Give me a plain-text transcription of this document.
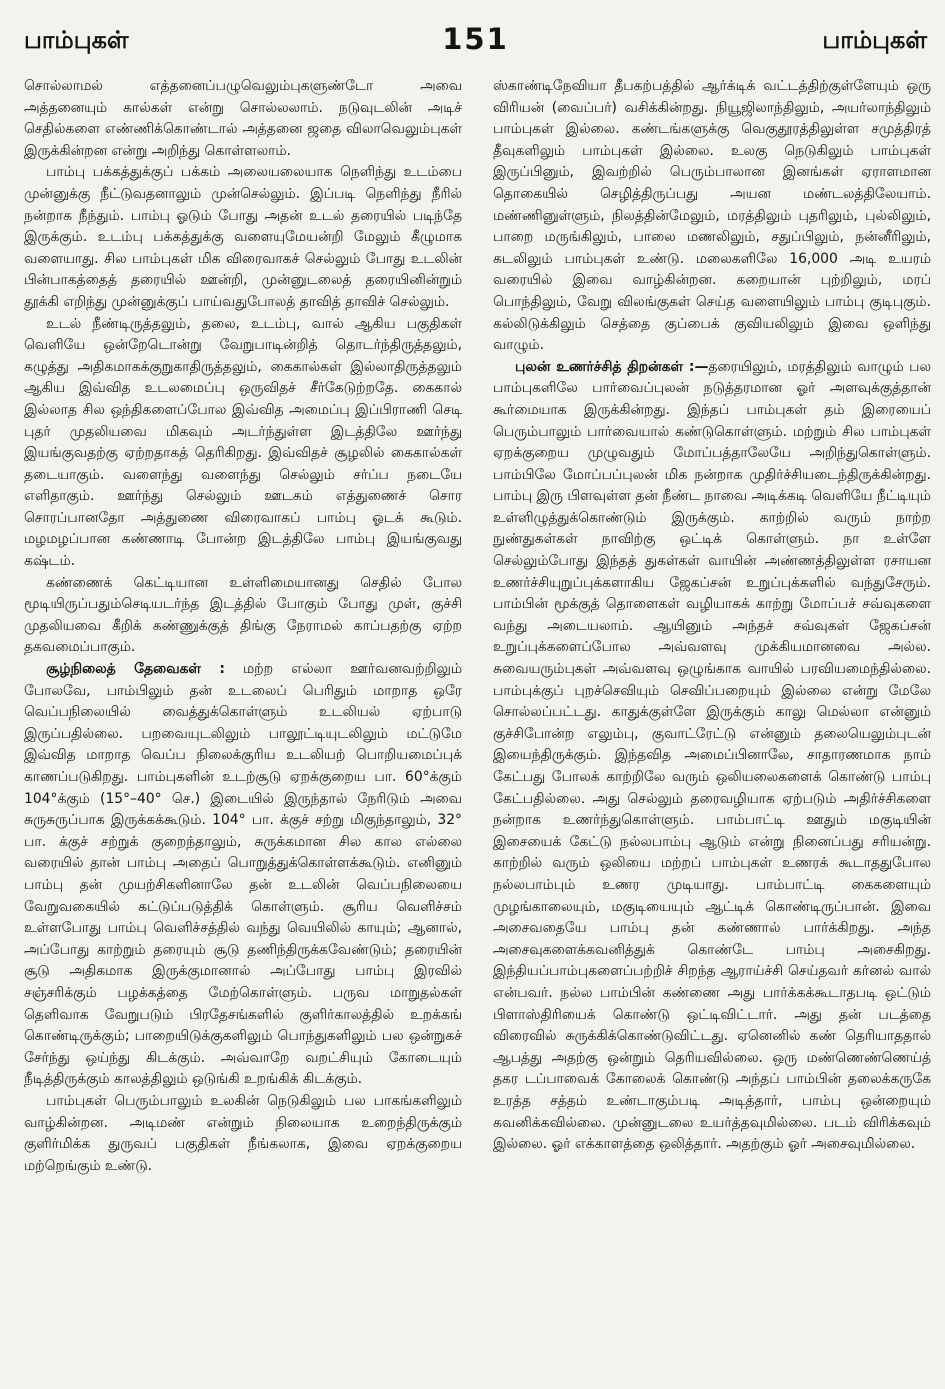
பாம்புகள்	151	பாம்புகள்

சொல்லாமல் எத்தனைப்பழுவெலும்புகளுண்டோ அவை அத்தனையும் கால்கள் என்று சொல்லலாம். நடுவுடலின் அடிச் செதில்களை எண்ணிக்கொண்டால் அத்தனை ஜதை விலாவெலும்புகள் இருக்கின்றன என்று அறிந்து கொள்ளலாம்.

பாம்பு பக்கத்துக்குப் பக்கம் அலையலையாக நெளிந்து உடம்பை முன்னுக்கு நீட்டுவதனாலும் முன்செல்லும். இப்படி நெளிந்து நீரில் நன்றாக நீந்தும். பாம்பு ஓடும் போது அதன் உடல் தரையில் படிந்தே இருக்கும். உடம்பு பக்கத்துக்கு வளையுமேயன்றி மேலும் கீழுமாக வளையாது. சில பாம்புகள் மிக விரைவாகச் செல்லும் போது உடலின் பின்பாகத்தைத் தரையில் ஊன்றி, முன்னுடலைத் தரையினின்றும் தூக்கி எறிந்து முன்னுக்குப் பாய்வதுபோலத் தாவித் தாவிச் செல்லும்.

உடல் நீண்டிருத்தலும், தலை, உடம்பு, வால் ஆகிய பகுதிகள் வெளியே ஒன்றேடொன்று வேறுபாடின்றித் தொடர்ந்திருத்தலும், கழுத்து அதிகமாகக்குறுகாதிருத்தலும், கைகால்கள் இல்லாதிருத்தலும் ஆகிய இவ்வித உடலமைப்பு ஒருவிதச் சீர்கேடுற்றதே. கைகால் இல்லாத சில ஒந்திகளைப்போல இவ்வித அமைப்பு இப்பிராணி செடி புதர் முதலியவை மிகவும் அடர்ந்துள்ள இடத்திலே ஊர்ந்து இயங்குவதற்கு ஏற்றதாகத் தெரிகிறது. இவ்விதச் சூழலில் கைகால்கள் தடையாகும். வளைந்து வளைந்து செல்லும் சர்ப்ப நடையே எளிதாகும். ஊர்ந்து செல்லும் ஊடகம் எத்துணைச் சொர சொரப்பானதோ அத்துணை விரைவாகப் பாம்பு ஓடக் கூடும். மழமழப்பான கண்ணாடி போன்ற இடத்திலே பாம்பு இயங்குவது கஷ்டம்.

கண்ணைக் கெட்டியான உள்ளிமையானது செதில் போல மூடியிருப்பதும்செடியடர்ந்த இடத்தில் போகும் போது முள், குச்சி முதலியவை கீறிக் கண்ணுக்குத் திங்கு நேராமல் காப்பதற்கு ஏற்ற தகவமைப்பாகும்.

சூழ்நிலைத் தேவைகள் : மற்ற எல்லா ஊர்வனவற்றிலும் போலவே, பாம்பிலும் தன் உடலைப் பெரிதும் மாறாத ஒரே வெப்பநிலையில் வைத்துக்கொள்ளும் உடலியல் ஏற்பாடு இருப்பதில்லை. பறவையுடலிலும் பாலூட்டியுடலிலும் மட்டுமே இவ்வித மாறாத வெப்ப நிலைக்குரிய உடலியற் பொறியமைப்புக் காணப்படுகிறது. பாம்புகளின் உடற்சூடு ஏறக்குறைய பா. 60°க்கும் 104°க்கும் (15°–40° செ.) இடையில் இருந்தால் நேரிடும் அவை சுருசுருப்பாக இருக்கக்கூடும். 104° பா. க்குச் சற்று மிகுந்தாலும், 32° பா. க்குச் சற்றுக் குறைந்தாலும், சுருக்கமான சில கால எல்லை வரையில் தான் பாம்பு அதைப் பொறுத்துக்கொள்ளக்கூடும். எனினும் பாம்பு தன் முயற்சிகளினாலே தன் உடலின் வெப்பநிலையை வேறுவகையில் கட்டுப்படுத்திக் கொள்ளும். சூரிய வெளிச்சம் உள்ளபோது பாம்பு வெளிச்சத்தில் வந்து வெயிலில் காயும்; ஆனால், அப்போது காற்றும் தரையும் சூடு தணிந்திருக்கவேண்டும்; தரையின் சூடு அதிகமாக இருக்குமானால் அப்போது பாம்பு இரவில் சஞ்சரிக்கும் பழக்கத்தை மேற்கொள்ளும். பருவ மாறுதல்கள் தெளிவாக வேறுபடும் பிரதேசங்களில் குளிர்காலத்தில் உறக்கங் கொண்டிருக்கும்; பாறையிடுக்குகளிலும் பொந்துகளிலும் பல ஒன்றுகச் சேர்ந்து ஒய்ந்து கிடக்கும். அவ்வாறே வறட்சியும் கோடையும் நீடித்திருக்கும் காலத்திலும் ஒடுங்கி உறங்கிக் கிடக்கும்.

பாம்புகள் பெரும்பாலும் உலகின் நெடுகிலும் பல பாகங்களிலும் வாழ்கின்றன. அடிமண் என்றும் நிலையாக உறைந்திருக்கும் குளிர்மிக்க துருவப் பகுதிகள் நீங்கலாக, இவை ஏறக்குறைய மற்றெங்கும் உண்டு.

ஸ்காண்டிநேவியா தீபகற்பத்தில் ஆர்க்டிக் வட்டத்திற்குள்ளேயும் ஒரு விரியன் (வைப்பர்) வசிக்கின்றது. நியூஜிலாந்திலும், அயர்லாந்திலும் பாம்புகள் இல்லை. கண்டங்களுக்கு வெகுதூரத்திலுள்ள சமுத்திரத் தீவுகளிலும் பாம்புகள் இல்லை. உலகு நெடுகிலும் பாம்புகள் இருப்பினும், இவற்றில் பெரும்பாலான இனங்கள் ஏராளமான தொகையில் செழித்திருப்பது அயன மண்டலத்திலேயாம். மண்ணினுள்ளும், நிலத்தின்மேலும், மரத்திலும் புதரிலும், புல்லிலும், பாறை மருங்கிலும், பாலை மணலிலும், சதுப்பிலும், நன்னீரிலும், கடலிலும் பாம்புகள் உண்டு. மலைகளிலே 16,000 அடி உயரம் வரையில் இவை வாழ்கின்றன. கறையான் புற்றிலும், மரப் பொந்திலும், வேறு விலங்குகள் செய்த வளையிலும் பாம்பு குடிபுகும். கல்லிடுக்கிலும் செத்தை குப்பைக் குவியலிலும் இவை ஒளிந்து வாழும்.

புலன் உணர்ச்சித் திறன்கள் :—தரையிலும், மரத்திலும் வாழும் பல பாம்புகளிலே பார்வைப்புலன் நடுத்தரமான ஓர் அளவுக்குத்தான் கூர்மையாக இருக்கின்றது. இந்தப் பாம்புகள் தம் இரையைப் பெரும்பாலும் பார்வையால் கண்டுகொள்ளும். மற்றும் சில பாம்புகள் ஏறக்குறைய முழுவதும் மோப்பத்தாலேயே அறிந்துகொள்ளும். பாம்பிலே மோப்பப்புலன் மிக நன்றாக முதிர்ச்சியடைந்திருக்கின்றது. பாம்பு இரு பிளவுள்ள தன் நீண்ட நாவை அடிக்கடி வெளியே நீட்டியும் உள்ளிழுத்துக்கொண்டும் இருக்கும். காற்றில் வரும் நாற்ற நுண்துகள்கள் நாவிற்கு ஒட்டிக் கொள்ளும். நா உள்ளே செல்லும்போது இந்தத் துகள்கள் வாயின் அண்ணத்திலுள்ள ரசாயன உணர்ச்சியுறுப்புக்களாகிய ஜேகப்சன் உறுப்புக்களில் வந்துசேரும். பாம்பின் மூக்குத் தொளைகள் வழியாகக் காற்று மோப்பச் சவ்வுகளை வந்து அடையலாம். ஆயினும் அந்தச் சவ்வுகள் ஜேகப்சன் உறுப்புக்களைப்போல அவ்வளவு முக்கியமானவை அல்ல. சுவையரும்புகள் அவ்வளவு ஒழுங்காக வாயில் பரவியமைந்தில்லை. பாம்புக்குப் புறச்செவியும் செவிப்பறையும் இல்லை என்று மேலே சொல்லப்பட்டது. காதுக்குள்ளே இருக்கும் காலு மெல்லா என்னும் குச்சிபோன்ற எலும்பு, குவாட்ரேட்டு என்னும் தலையெலும்புடன் இயைந்திருக்கும். இந்தவித அமைப்பினாலே, சாதாரணமாக நாம் கேட்பது போலக் காற்றிலே வரும் ஒலியலைகளைக் கொண்டு பாம்பு கேட்பதில்லை. அது செல்லும் தரைவழியாக ஏற்படும் அதிர்ச்சிகளை நன்றாக உணர்ந்துகொள்ளும். பாம்பாட்டி ஊதும் மகுடியின் இசையைக் கேட்டு நல்லபாம்பு ஆடும் என்று நினைப்பது சரியன்று. காற்றில் வரும் ஒலியை மற்றப் பாம்புகள் உணரக் கூடாததுபோல நல்லபாம்பும் உணர முடியாது. பாம்பாட்டி கைகளையும் முழங்காலையும், மகுடியையும் ஆட்டிக் கொண்டிருப்பான். இவை அசைவதையே பாம்பு தன் கண்ணால் பார்க்கிறது. அந்த அசைவுகளைக்கவனித்துக் கொண்டே பாம்பு அசைகிறது. இந்தியப்பாம்புகளைப்பற்றிச் சிறந்த ஆராய்ச்சி செய்தவர் கர்னல் வால் என்பவர். நல்ல பாம்பின் கண்ணை அது பார்க்கக்கூடாதபடி ஒட்டும் பிளாஸ்திரியைக் கொண்டு ஒட்டிவிட்டார். அது தன் படத்தை விரைவில் சுருக்கிக்கொண்டுவிட்டது. ஏனெனில் கண் தெரியாததால் ஆபத்து அதற்கு ஒன்றும் தெரியவில்லை. ஒரு மண்ணெண்ணெய்த் தகர டப்பாவைக் கோலைக் கொண்டு அந்தப் பாம்பின் தலைக்கருகே உரத்த சத்தம் உண்டாகும்படி அடித்தார், பாம்பு ஒன்றையும் கவனிக்கவில்லை. முன்னுடலை உயர்த்தவுமில்லை. படம் விரிக்கவும் இல்லை. ஓர் எக்காளத்தை ஒலித்தார். அதற்கும் ஓர் அசைவுமில்லை.
